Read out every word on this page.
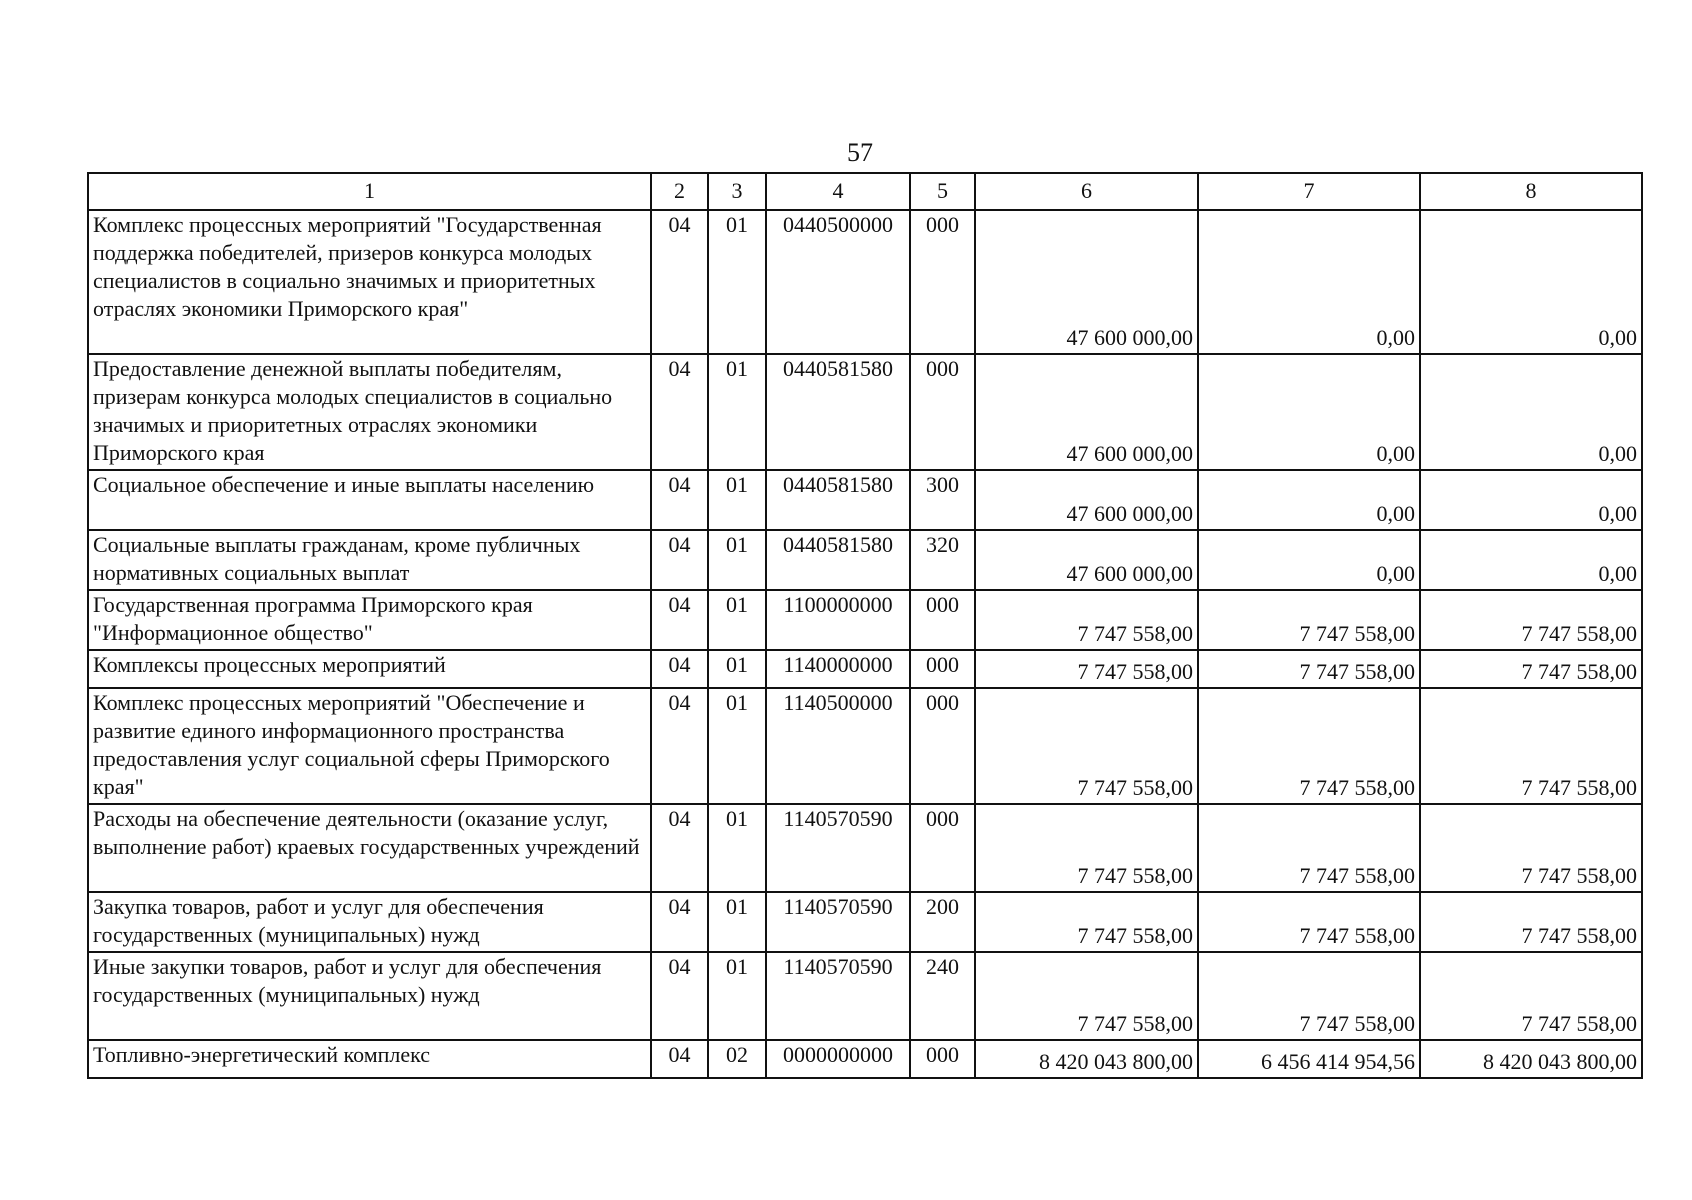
57
1	2	3	4	5	6	7	8
Комплекс процессных мероприятий "Государственная поддержка победителей, призеров конкурса молодых специалистов в социально значимых и приоритетных отраслях экономики Приморского края"	04	01	0440500000	000	47 600 000,00	0,00	0,00
Предоставление денежной выплаты победителям, призерам конкурса молодых специалистов в социально значимых и приоритетных отраслях экономики Приморского края	04	01	0440581580	000	47 600 000,00	0,00	0,00
Социальное обеспечение и иные выплаты населению	04	01	0440581580	300	47 600 000,00	0,00	0,00
Социальные выплаты гражданам, кроме публичных нормативных социальных выплат	04	01	0440581580	320	47 600 000,00	0,00	0,00
Государственная программа Приморского края "Информационное общество"	04	01	1100000000	000	7 747 558,00	7 747 558,00	7 747 558,00
Комплексы процессных мероприятий	04	01	1140000000	000	7 747 558,00	7 747 558,00	7 747 558,00
Комплекс процессных мероприятий "Обеспечение и развитие единого информационного пространства предоставления услуг социальной сферы Приморского края"	04	01	1140500000	000	7 747 558,00	7 747 558,00	7 747 558,00
Расходы на обеспечение деятельности (оказание услуг, выполнение работ) краевых государственных учреждений	04	01	1140570590	000	7 747 558,00	7 747 558,00	7 747 558,00
Закупка товаров, работ и услуг для обеспечения государственных (муниципальных) нужд	04	01	1140570590	200	7 747 558,00	7 747 558,00	7 747 558,00
Иные закупки товаров, работ и услуг для обеспечения государственных (муниципальных) нужд	04	01	1140570590	240	7 747 558,00	7 747 558,00	7 747 558,00
Топливно-энергетический комплекс	04	02	0000000000	000	8 420 043 800,00	6 456 414 954,56	8 420 043 800,00
